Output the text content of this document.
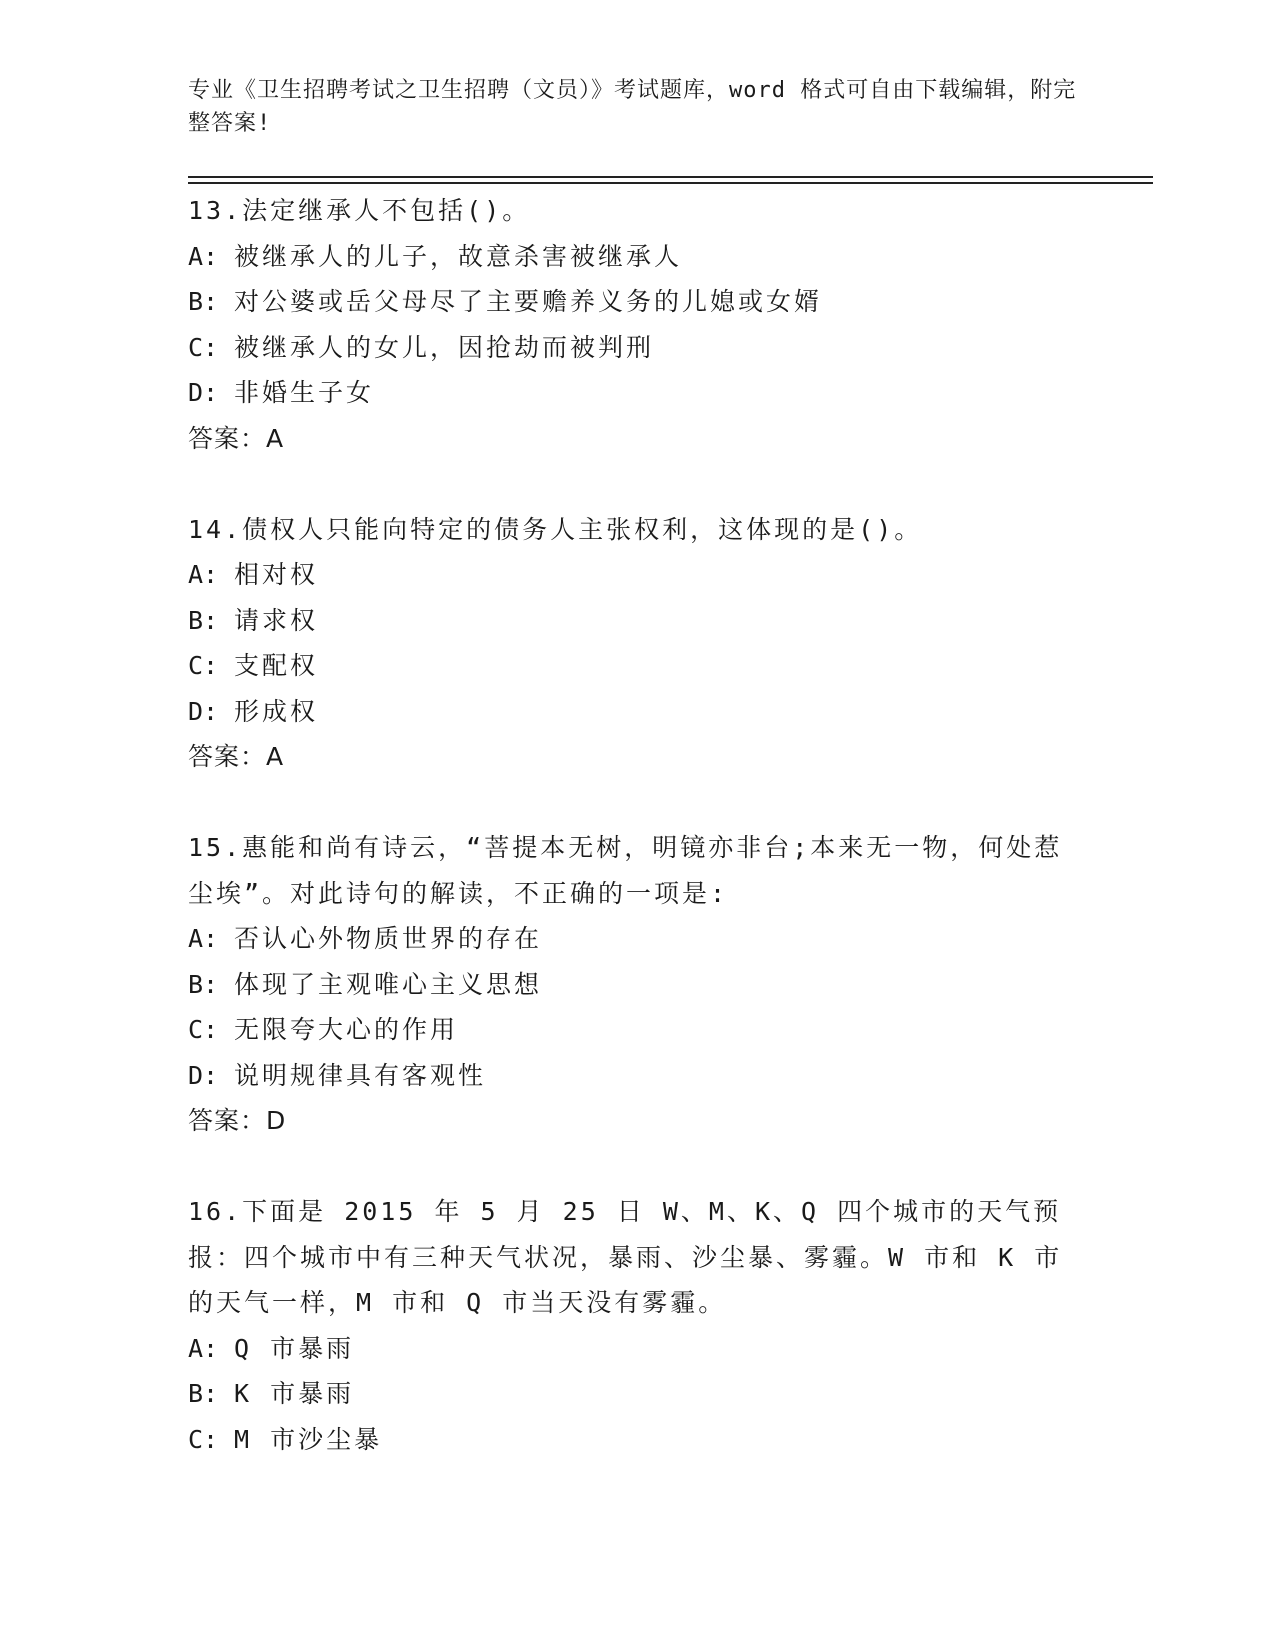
专业《卫生招聘考试之卫生招聘（文员）》考试题库，word 格式可自由下载编辑，附完整答案!

13.法定继承人不包括()。

A: 被继承人的儿子，故意杀害被继承人

B: 对公婆或岳父母尽了主要赡养义务的儿媳或女婿

C: 被继承人的女儿，因抢劫而被判刑

D: 非婚生子女

答案：A

14.债权人只能向特定的债务人主张权利，这体现的是()。

A: 相对权

B: 请求权

C: 支配权

D: 形成权

答案：A

15.惠能和尚有诗云，“菩提本无树，明镜亦非台;本来无一物，何处惹尘埃”。对此诗句的解读，不正确的一项是:

A: 否认心外物质世界的存在

B: 体现了主观唯心主义思想

C: 无限夸大心的作用

D: 说明规律具有客观性

答案：D

16.下面是 2015 年 5 月 25 日 W、M、K、Q 四个城市的天气预报：四个城市中有三种天气状况，暴雨、沙尘暴、雾霾。W 市和 K 市的天气一样，M 市和 Q 市当天没有雾霾。

A: Q 市暴雨

B: K 市暴雨

C: M 市沙尘暴
